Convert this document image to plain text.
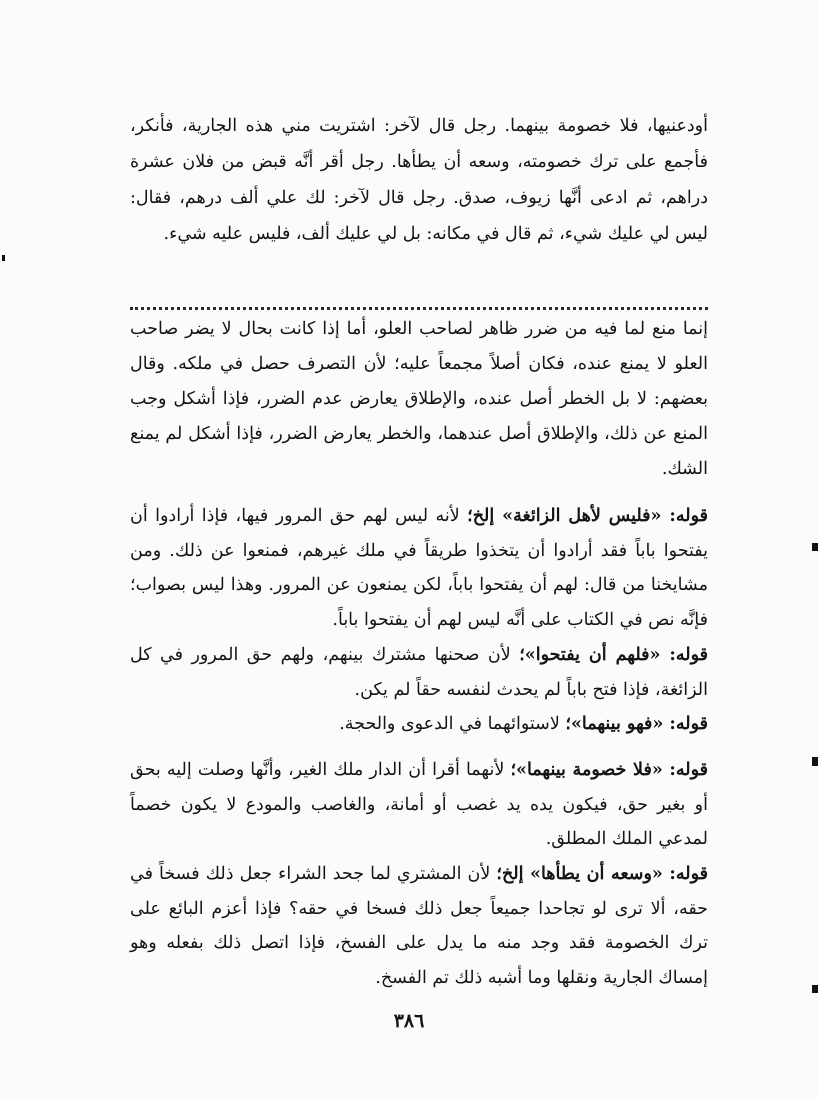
أودعنيها، فلا خصومة بينهما. رجل قال لآخر: اشتريت مني هذه الجارية، فأنكر، فأجمع على ترك خصومته، وسعه أن يطأها. رجل أقر أنَّه قبض من فلان عشرة دراهم، ثم ادعى أنَّها زيوف، صدق. رجل قال لآخر: لك علي ألف درهم، فقال: ليس لي عليك شيء، ثم قال في مكانه: بل لي عليك ألف، فليس عليه شيء.

إنما منع لما فيه من ضرر ظاهر لصاحب العلو، أما إذا كانت بحال لا يضر صاحب العلو لا يمنع عنده، فكان أصلاً مجمعاً عليه؛ لأن التصرف حصل في ملكه. وقال بعضهم: لا بل الخطر أصل عنده، والإطلاق يعارض عدم الضرر، فإذا أشكل وجب المنع عن ذلك، والإطلاق أصل عندهما، والخطر يعارض الضرر، فإذا أشكل لم يمنع الشك.

قوله: «فليس لأهل الزائغة» إلخ؛ لأنه ليس لهم حق المرور فيها، فإذا أرادوا أن يفتحوا باباً فقد أرادوا أن يتخذوا طريقاً في ملك غيرهم، فمنعوا عن ذلك. ومن مشايخنا من قال: لهم أن يفتحوا باباً، لكن يمنعون عن المرور. وهذا ليس بصواب؛ فإنَّه نص في الكتاب على أنَّه ليس لهم أن يفتحوا باباً.

قوله: «فلهم أن يفتحوا»؛ لأن صحنها مشترك بينهم، ولهم حق المرور في كل الزائغة، فإذا فتح باباً لم يحدث لنفسه حقاً لم يكن.

قوله: «فهو بينهما»؛ لاستوائهما في الدعوى والحجة.

قوله: «فلا خصومة بينهما»؛ لأنهما أقرا أن الدار ملك الغير، وأنَّها وصلت إليه بحق أو بغير حق، فيكون يده يد غصب أو أمانة، والغاصب والمودع لا يكون خصماً لمدعي الملك المطلق.

قوله: «وسعه أن يطأها» إلخ؛ لأن المشتري لما جحد الشراء جعل ذلك فسخاً في حقه، ألا ترى لو تجاحدا جميعاً جعل ذلك فسخا في حقه؟ فإذا أعزم البائع على ترك الخصومة فقد وجد منه ما يدل على الفسخ، فإذا اتصل ذلك بفعله وهو إمساك الجارية ونقلها وما أشبه ذلك تم الفسخ.

٣٨٦
